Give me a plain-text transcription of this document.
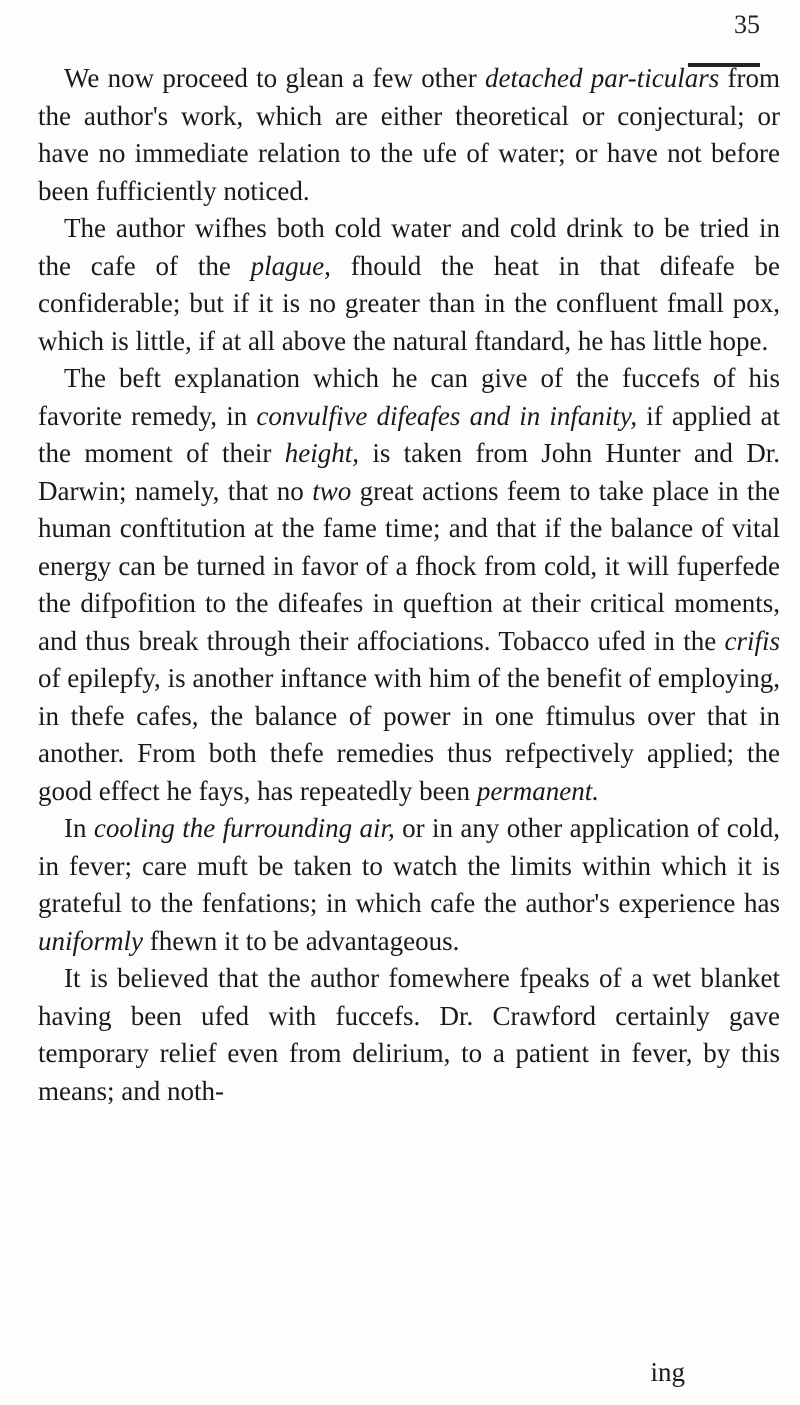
35

We now proceed to glean a few other detached par-ticulars from the author's work, which are either theoretical or conjectural; or have no immediate relation to the ufe of water; or have not before been fufficiently noticed.

The author wifhes both cold water and cold drink to be tried in the cafe of the plague, fhould the heat in that difeafe be confiderable; but if it is no greater than in the confluent fmall pox, which is little, if at all above the natural ftandard, he has little hope.

The beft explanation which he can give of the fuccefs of his favorite remedy, in convulfive difeafes and in infanity, if applied at the moment of their height, is taken from John Hunter and Dr. Darwin; namely, that no two great actions feem to take place in the human conftitution at the fame time; and that if the balance of vital energy can be turned in favor of a fhock from cold, it will fuperfede the difpofition to the difeafes in queftion at their critical moments, and thus break through their affociations. Tobacco ufed in the crifis of epilepfy, is another inftance with him of the benefit of employing, in thefe cafes, the balance of power in one ftimulus over that in another. From both thefe remedies thus refpectively applied; the good effect he fays, has repeatedly been permanent.

In cooling the furrounding air, or in any other application of cold, in fever; care muft be taken to watch the limits within which it is grateful to the fenfations; in which cafe the author's experience has uniformly fhewn it to be advantageous.

It is believed that the author fomewhere fpeaks of a wet blanket having been ufed with fuccefs. Dr. Crawford certainly gave temporary relief even from delirium, to a patient in fever, by this means; and noth-

ing
